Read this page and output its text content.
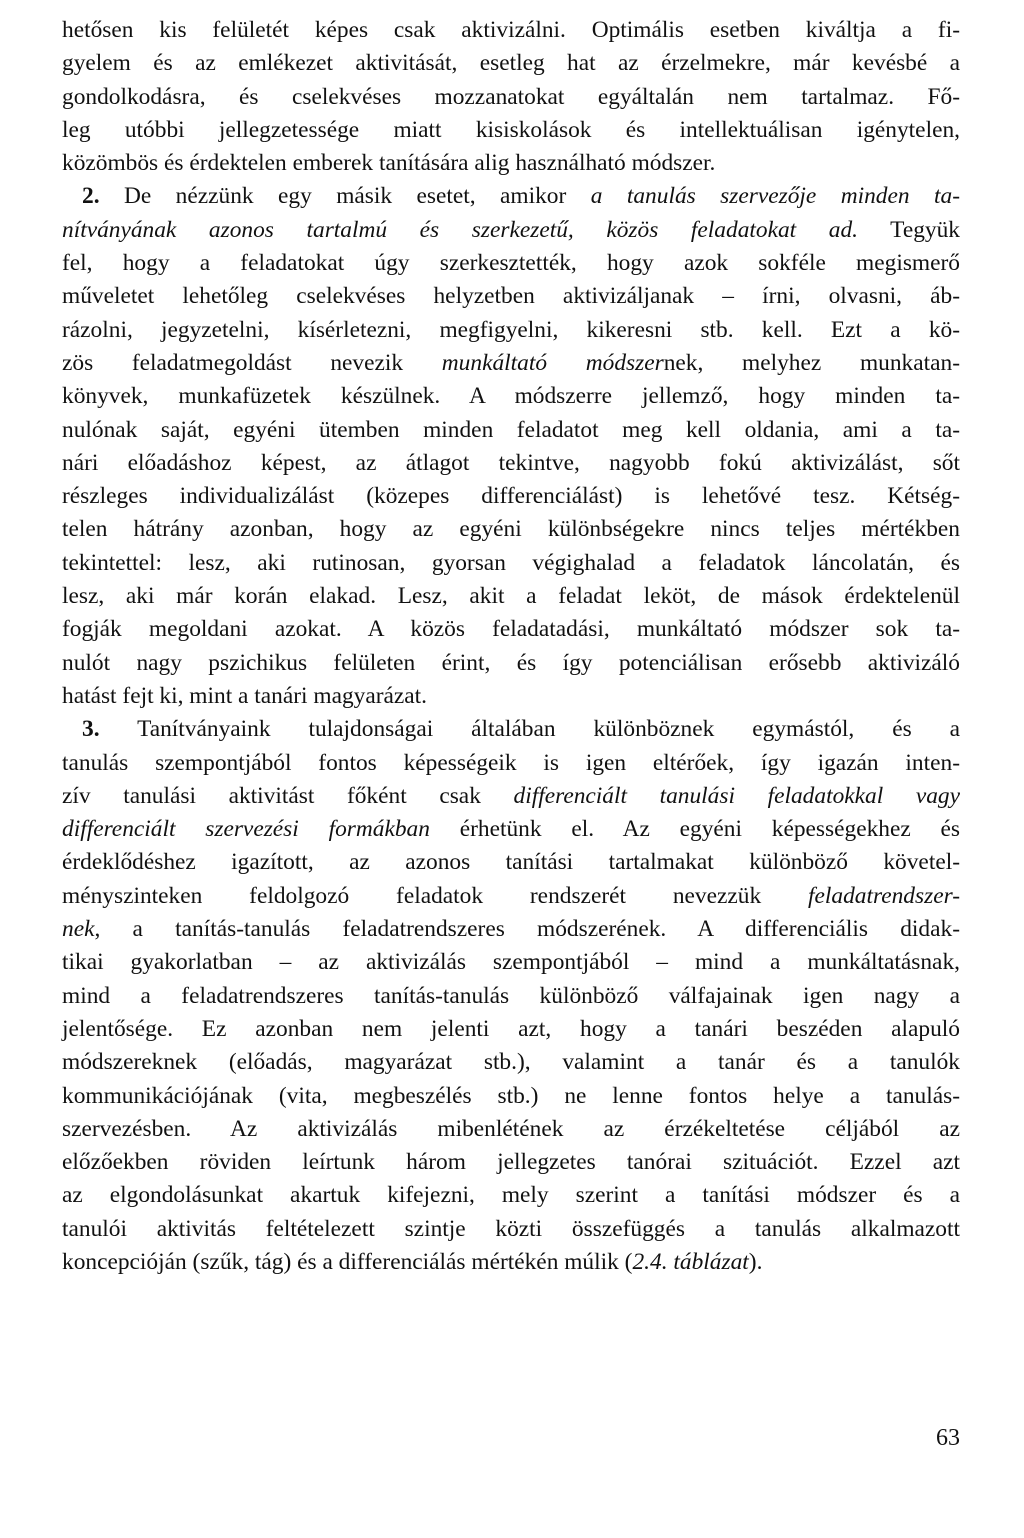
hetősen kis felületét képes csak aktivizálni. Optimális esetben kiváltja a fi-
gyelem és az emlékezet aktivitását, esetleg hat az érzelmekre, már kevésbé a
gondolkodásra, és cselekvéses mozzanatokat egyáltalán nem tartalmaz. Fő-
leg utóbbi jellegzetessége miatt kisiskolások és intellektuálisan igénytelen,
közömbös és érdektelen emberek tanítására alig használható módszer.
2. De nézzünk egy másik esetet, amikor a tanulás szervezője minden ta-
nítványának azonos tartalmú és szerkezetű, közös feladatokat ad. Tegyük
fel, hogy a feladatokat úgy szerkesztették, hogy azok sokféle megismerő
műveletet lehetőleg cselekvéses helyzetben aktivizáljanak – írni, olvasni, áb-
rázolni, jegyzetelni, kísérletezni, megfigyelni, kikeresni stb. kell. Ezt a kö-
zös feladatmegoldást nevezik munkáltató módszernek, melyhez munkatan-
könyvek, munkafüzetek készülnek. A módszerre jellemző, hogy minden ta-
nulónak saját, egyéni ütemben minden feladatot meg kell oldania, ami a ta-
nári előadáshoz képest, az átlagot tekintve, nagyobb fokú aktivizálást, sőt
részleges individualizálást (közepes differenciálást) is lehetővé tesz. Kétség-
telen hátrány azonban, hogy az egyéni különbségekre nincs teljes mértékben
tekintettel: lesz, aki rutinosan, gyorsan végighalad a feladatok láncolatán, és
lesz, aki már korán elakad. Lesz, akit a feladat leköt, de mások érdektelenül
fogják megoldani azokat. A közös feladatadási, munkáltató módszer sok ta-
nulót nagy pszichikus felületen érint, és így potenciálisan erősebb aktivizáló
hatást fejt ki, mint a tanári magyarázat.
3. Tanítványaink tulajdonságai általában különböznek egymástól, és a
tanulás szempontjából fontos képességeik is igen eltérőek, így igazán inten-
zív tanulási aktivitást főként csak differenciált tanulási feladatokkal vagy
differenciált szervezési formákban érhetünk el. Az egyéni képességekhez és
érdeklődéshez igazított, az azonos tanítási tartalmakat különböző követel-
ményszinteken feldolgozó feladatok rendszerét nevezzük feladatrendszer-
nek, a tanítás-tanulás feladatrendszeres módszerének. A differenciális didak-
tikai gyakorlatban – az aktivizálás szempontjából – mind a munkáltatásnak,
mind a feladatrendszeres tanítás-tanulás különböző válfajainak igen nagy a
jelentősége. Ez azonban nem jelenti azt, hogy a tanári beszéden alapuló
módszereknek (előadás, magyarázat stb.), valamint a tanár és a tanulók
kommunikációjának (vita, megbeszélés stb.) ne lenne fontos helye a tanulás-
szervezésben. Az aktivizálás mibenlétének az érzékeltetése céljából az
előzőekben röviden leírtunk három jellegzetes tanórai szituációt. Ezzel azt
az elgondolásunkat akartuk kifejezni, mely szerint a tanítási módszer és a
tanulói aktivitás feltételezett szintje közti összefüggés a tanulás alkalmazott
koncepcióján (szűk, tág) és a differenciálás mértékén múlik (2.4. táblázat).
63
